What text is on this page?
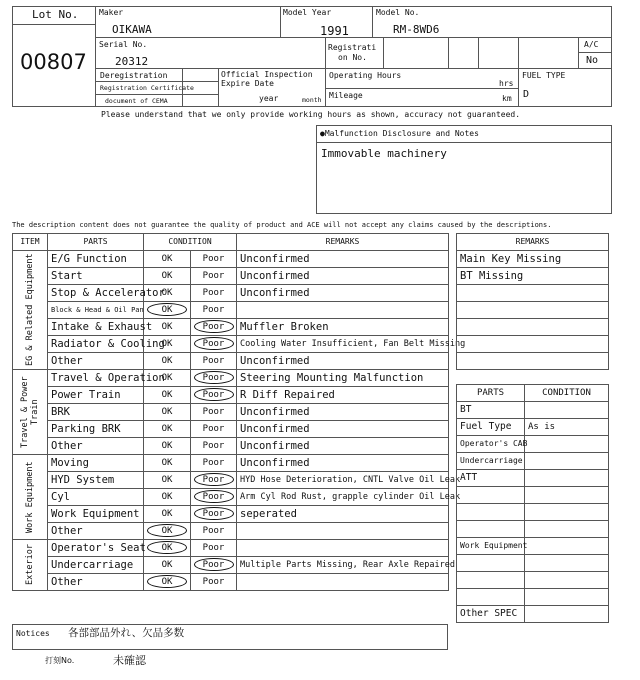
Lot No.
00807
Maker
OIKAWA
Model Year
1991
Model No.
RM-8WD6
Serial No.
20312
Registrati
on No.
A/C
No
Deregistration
Registration Certificate
document of CEMA
Official Inspection
Expire Date
year	month
Operating Hours
hrs
Mileage	km
FUEL TYPE
D
Please understand that we only provide working hours as shown, accuracy not guaranteed.
●Malfunction Disclosure and Notes
Immovable machinery
The description content does not guarantee the quality of product and ACE will not accept any claims caused by the descriptions.
ITEM	PARTS	CONDITION		REMARKS

EG & Related Equipment	E/G Function	OK	Poor	Unconfirmed
	Start	OK	Poor	Unconfirmed
	Stop & Accelerator	OK	Poor	Unconfirmed
	Block & Head & Oil Pan	OK	Poor	
	Intake & Exhaust	OK	Poor	Muffler Broken
	Radiator & Cooling	OK	Poor	Cooling Water Insufficient, Fan Belt Missing
	Other	OK	Poor	Unconfirmed

Travel & Power Train	Travel & Operation	OK	Poor	Steering Mounting Malfunction
	Power Train	OK	Poor	R Diff Repaired
	BRK	OK	Poor	Unconfirmed
	Parking BRK	OK	Poor	Unconfirmed
	Other	OK	Poor	Unconfirmed

Work Equipment	Moving	OK	Poor	Unconfirmed
	HYD System	OK	Poor	HYD Hose Deterioration, CNTL Valve Oil Leak
	Cyl	OK	Poor	Arm Cyl Rod Rust, grapple cylinder Oil Leak
	Work Equipment	OK	Poor	seperated
	Other	OK	Poor	

Exterior	Operator's Seat	OK	Poor	
	Undercarriage	OK	Poor	Multiple Parts Missing, Rear Axle Repaired
	Other	OK	Poor	
REMARKS
Main Key Missing
BT Missing

PARTS	CONDITION
BT	
Fuel Type	As is
Operator's CAB	
Undercarriage	
ATT	

Work Equipment	

Other SPEC	
Notices 各部部品外れ、欠品多数
打刻No.	未確認
